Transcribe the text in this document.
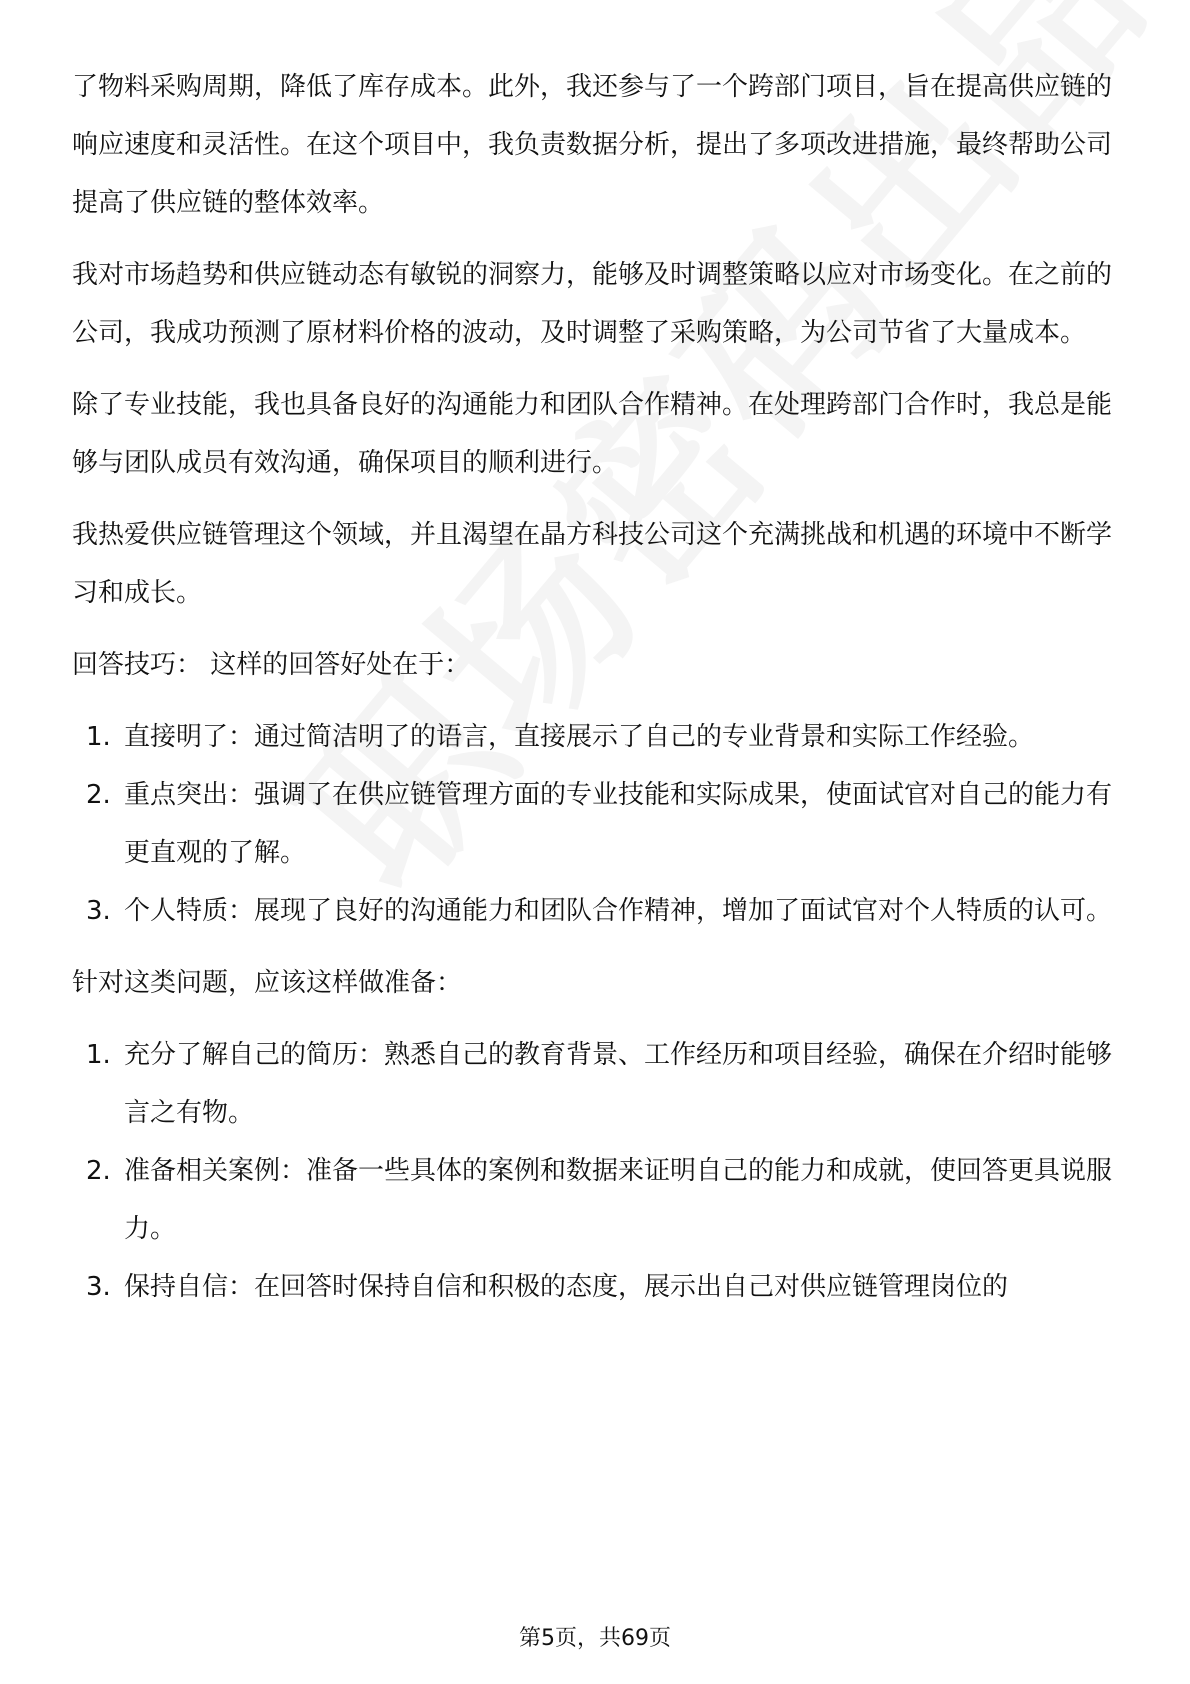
了物料采购周期，降低了库存成本。此外，我还参与了一个跨部门项目，旨在提高供应链的响应速度和灵活性。在这个项目中，我负责数据分析，提出了多项改进措施，最终帮助公司提高了供应链的整体效率。

我对市场趋势和供应链动态有敏锐的洞察力，能够及时调整策略以应对市场变化。在之前的公司，我成功预测了原材料价格的波动，及时调整了采购策略，为公司节省了大量成本。

除了专业技能，我也具备良好的沟通能力和团队合作精神。在处理跨部门合作时，我总是能够与团队成员有效沟通，确保项目的顺利进行。

我热爱供应链管理这个领域，并且渴望在晶方科技公司这个充满挑战和机遇的环境中不断学习和成长。

回答技巧： 这样的回答好处在于：

1. 直接明了：通过简洁明了的语言，直接展示了自己的专业背景和实际工作经验。
2. 重点突出：强调了在供应链管理方面的专业技能和实际成果，使面试官对自己的能力有更直观的了解。
3. 个人特质：展现了良好的沟通能力和团队合作精神，增加了面试官对个人特质的认可。

针对这类问题，应该这样做准备：

1. 充分了解自己的简历：熟悉自己的教育背景、工作经历和项目经验，确保在介绍时能够言之有物。
2. 准备相关案例：准备一些具体的案例和数据来证明自己的能力和成就，使回答更具说服力。
3. 保持自信：在回答时保持自信和积极的态度，展示出自己对供应链管理岗位的
第5页，共69页
